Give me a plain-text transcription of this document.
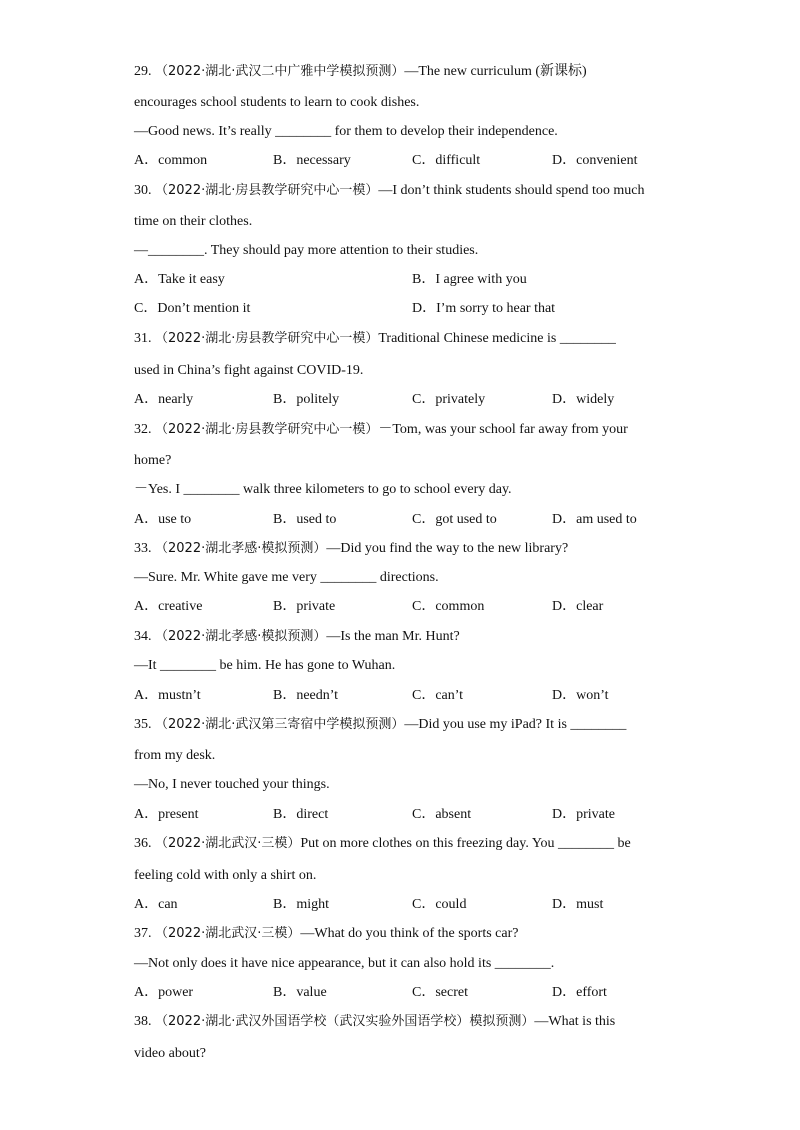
29. （2022·湖北·武汉二中广雅中学模拟预测）—The new curriculum (新课标)
encourages school students to learn to cook dishes.
—Good news. It’s really ________ for them to develop their independence.
A．common	B．necessary	C．difficult	D．convenient
30. （2022·湖北·房县教学研究中心一模）—I don’t think students should spend too much
time on their clothes.
—________. They should pay more attention to their studies.
A．Take it easy	B．I agree with you
C．Don’t mention it	D．I’m sorry to hear that
31. （2022·湖北·房县教学研究中心一模）Traditional Chinese medicine is ________
used in China’s fight against COVID-19.
A．nearly	B．politely	C．privately	D．widely
32. （2022·湖北·房县教学研究中心一模）－Tom, was your school far away from your
home?
－Yes. I ________ walk three kilometers to go to school every day.
A．use to	B．used to	C．got used to	D．am used to
33. （2022·湖北孝感·模拟预测）—Did you find the way to the new library?
—Sure. Mr. White gave me very ________ directions.
A．creative	B．private	C．common	D．clear
34. （2022·湖北孝感·模拟预测）—Is the man Mr. Hunt?
—It ________ be him. He has gone to Wuhan.
A．mustn’t	B．needn’t	C．can’t	D．won’t
35. （2022·湖北·武汉第三寄宿中学模拟预测）—Did you use my iPad? It is ________
from my desk.
—No, I never touched your things.
A．present	B．direct	C．absent	D．private
36. （2022·湖北武汉·三模）Put on more clothes on this freezing day. You ________ be
feeling cold with only a shirt on.
A．can	B．might	C．could	D．must
37. （2022·湖北武汉·三模）—What do you think of the sports car?
—Not only does it have nice appearance, but it can also hold its ________.
A．power	B．value	C．secret	D．effort
38. （2022·湖北·武汉外国语学校（武汉实验外国语学校）模拟预测）—What is this
video about?
